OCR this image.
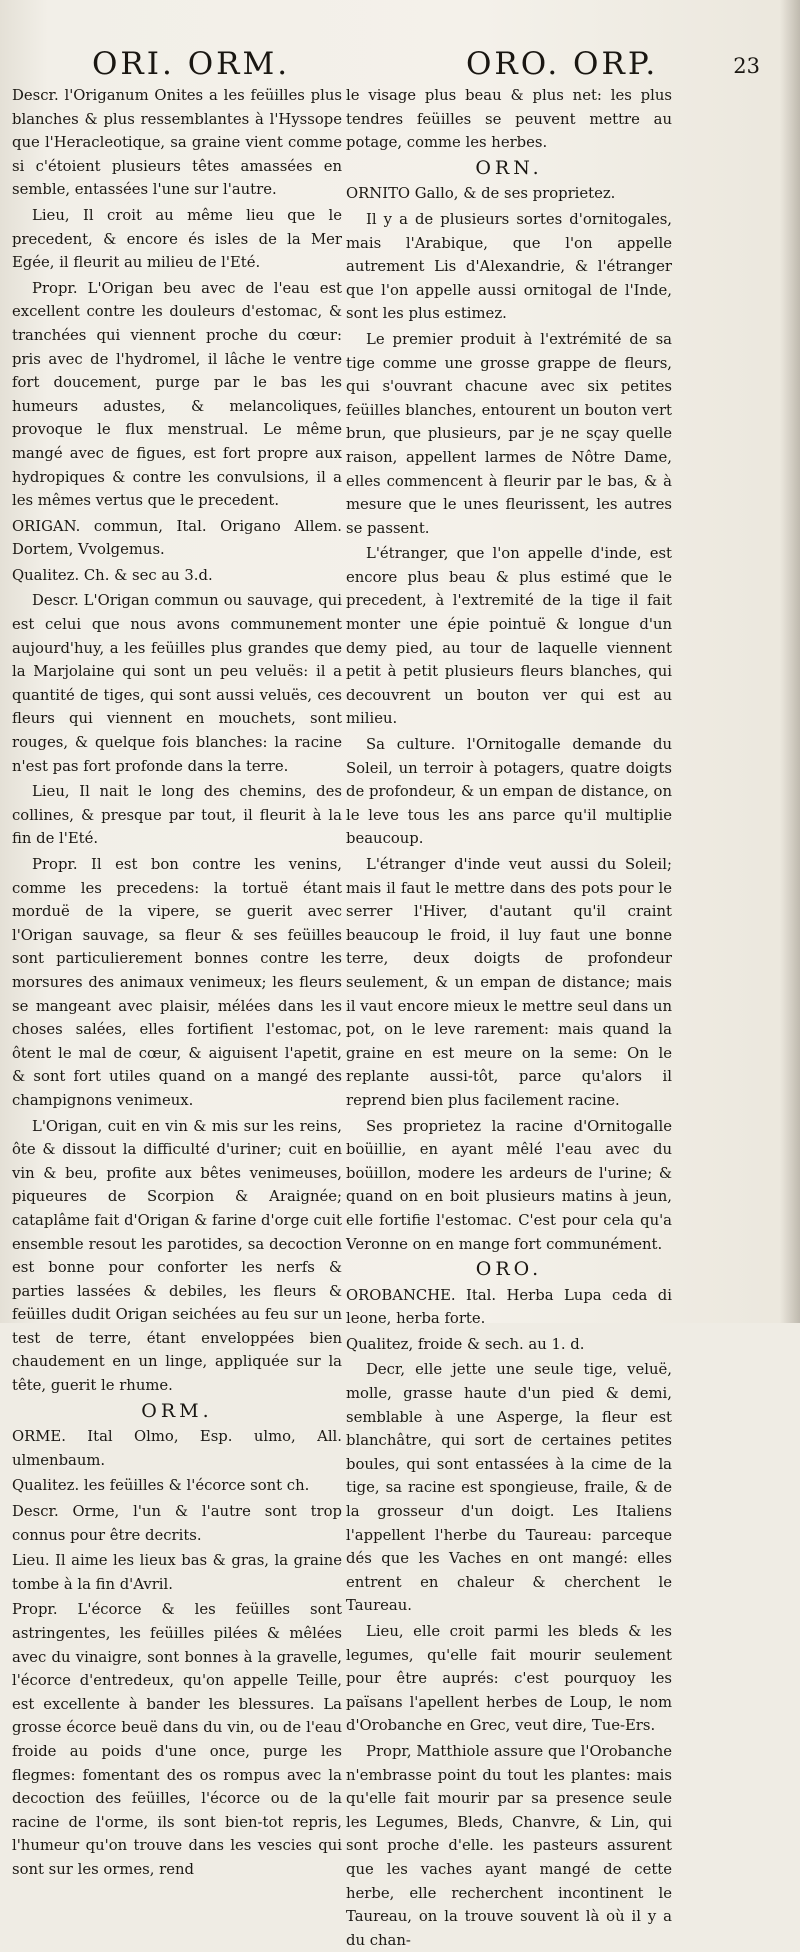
ORI. ORM.	ORO. ORP.	23

Descr. l'Origanum Onites a les feüilles plus blanches & plus ressemblantes à l'Hyssope que l'Heracleotique, sa graine vient comme si c'étoient plusieurs têtes amassées en semble, entassées l'une sur l'autre.

Lieu, Il croit au même lieu que le precedent, & encore és isles de la Mer Egée, il fleurit au milieu de l'Eté.

Propr. L'Origan beu avec de l'eau est excellent contre les douleurs d'estomac, & tranchées qui viennent proche du cœur: pris avec de l'hydromel, il lâche le ventre fort doucement, purge par le bas les humeurs adustes, & melancoliques, provoque le flux menstrual. Le même mangé avec de figues, est fort propre aux hydropiques & contre les convulsions, il a les mêmes vertus que le precedent.

ORIGAN. commun, Ital. Origano Allem. Dortem, Vvolgemus.

Qualitez. Ch. & sec au 3.d.

Descr. L'Origan commun ou sauvage, qui est celui que nous avons communement aujourd'huy, a les feüilles plus grandes que la Marjolaine qui sont un peu veluës: il a quantité de tiges, qui sont aussi veluës, ces fleurs qui viennent en mouchets, sont rouges, & quelque fois blanches: la racine n'est pas fort profonde dans la terre.

Lieu, Il nait le long des chemins, des collines, & presque par tout, il fleurit à la fin de l'Eté.

Propr. Il est bon contre les venins, comme les precedens: la tortuë étant morduë de la vipere, se guerit avec l'Origan sauvage, sa fleur & ses feüilles sont particulierement bonnes contre les morsures des animaux venimeux; les fleurs se mangeant avec plaisir, mélées dans les choses salées, elles fortifient l'estomac, ôtent le mal de cœur, & aiguisent l'apetit, & sont fort utiles quand on a mangé des champignons venimeux.

L'Origan, cuit en vin & mis sur les reins, ôte & dissout la difficulté d'uriner; cuit en vin & beu, profite aux bêtes venimeuses, piqueures de Scorpion & Araignée; cataplâme fait d'Origan & farine d'orge cuit ensemble resout les parotides, sa decoction est bonne pour conforter les nerfs & parties lassées & debiles, les fleurs & feüilles dudit Origan seichées au feu sur un test de terre, étant enveloppées bien chaudement en un linge, appliquée sur la tête, guerit le rhume.

ORM.

ORME. Ital Olmo, Esp. ulmo, All. ulmenbaum.

Qualitez. les feüilles & l'écorce sont ch.

Descr. Orme, l'un & l'autre sont trop connus pour être decrits.

Lieu. Il aime les lieux bas & gras, la graine tombe à la fin d'Avril.

Propr. L'écorce & les feüilles sont astringentes, les feüilles pilées & mêlées avec du vinaigre, sont bonnes à la gravelle, l'écorce d'entredeux, qu'on appelle Teille, est excellente à bander les blessures. La grosse écorce beuë dans du vin, ou de l'eau froide au poids d'une once, purge les flegmes: fomentant des os rompus avec la decoction des feüilles, l'écorce ou de la racine de l'orme, ils sont bien-tot repris, l'humeur qu'on trouve dans les vescies qui sont sur les ormes, rend

le visage plus beau & plus net: les plus tendres feüilles se peuvent mettre au potage, comme les herbes.

ORN.

ORNITO Gallo, & de ses proprietez.

Il y a de plusieurs sortes d'ornitogales, mais l'Arabique, que l'on appelle autrement Lis d'Alexandrie, & l'étranger que l'on appelle aussi ornitogal de l'Inde, sont les plus estimez.

Le premier produit à l'extrémité de sa tige comme une grosse grappe de fleurs, qui s'ouvrant chacune avec six petites feüilles blanches, entourent un bouton vert brun, que plusieurs, par je ne sçay quelle raison, appellent larmes de Nôtre Dame, elles commencent à fleurir par le bas, & à mesure que le unes fleurissent, les autres se passent.

L'étranger, que l'on appelle d'inde, est encore plus beau & plus estimé que le precedent, à l'extremité de la tige il fait monter une épie pointuë & longue d'un demy pied, au tour de laquelle viennent petit à petit plusieurs fleurs blanches, qui decouvrent un bouton ver qui est au milieu.

Sa culture. l'Ornitogalle demande du Soleil, un terroir à potagers, quatre doigts de profondeur, & un empan de distance, on le leve tous les ans parce qu'il multiplie beaucoup.

L'étranger d'inde veut aussi du Soleil; mais il faut le mettre dans des pots pour le serrer l'Hiver, d'autant qu'il craint beaucoup le froid, il luy faut une bonne terre, deux doigts de profondeur seulement, & un empan de distance; mais il vaut encore mieux le mettre seul dans un pot, on le leve rarement: mais quand la graine en est meure on la seme: On le replante aussi-tôt, parce qu'alors il reprend bien plus facilement racine.

Ses proprietez la racine d'Ornitogalle boüillie, en ayant mêlé l'eau avec du boüillon, modere les ardeurs de l'urine; & quand on en boit plusieurs matins à jeun, elle fortifie l'estomac. C'est pour cela qu'a Veronne on en mange fort communément.

ORO.

OROBANCHE. Ital. Herba Lupa ceda di leone, herba forte.

Qualitez, froide & sech. au 1. d.

Decr, elle jette une seule tige, veluë, molle, grasse haute d'un pied & demi, semblable à une Asperge, la fleur est blanchâtre, qui sort de certaines petites boules, qui sont entassées à la cime de la tige, sa racine est spongieuse, fraile, & de la grosseur d'un doigt. Les Italiens l'appellent l'herbe du Taureau: parceque dés que les Vaches en ont mangé: elles entrent en chaleur & cherchent le Taureau.

Lieu, elle croit parmi les bleds & les legumes, qu'elle fait mourir seulement pour être auprés: c'est pourquoy les païsans l'apellent herbes de Loup, le nom d'Orobanche en Grec, veut dire, Tue-Ers.

Propr, Matthiole assure que l'Orobanche n'embrasse point du tout les plantes: mais qu'elle fait mourir par sa presence seule les Legumes, Bleds, Chanvre, & Lin, qui sont proche d'elle. les pasteurs assurent que les vaches ayant mangé de cette herbe, elle recherchent incontinent le Taureau, on la trouve souvent là où il y a du chan-
